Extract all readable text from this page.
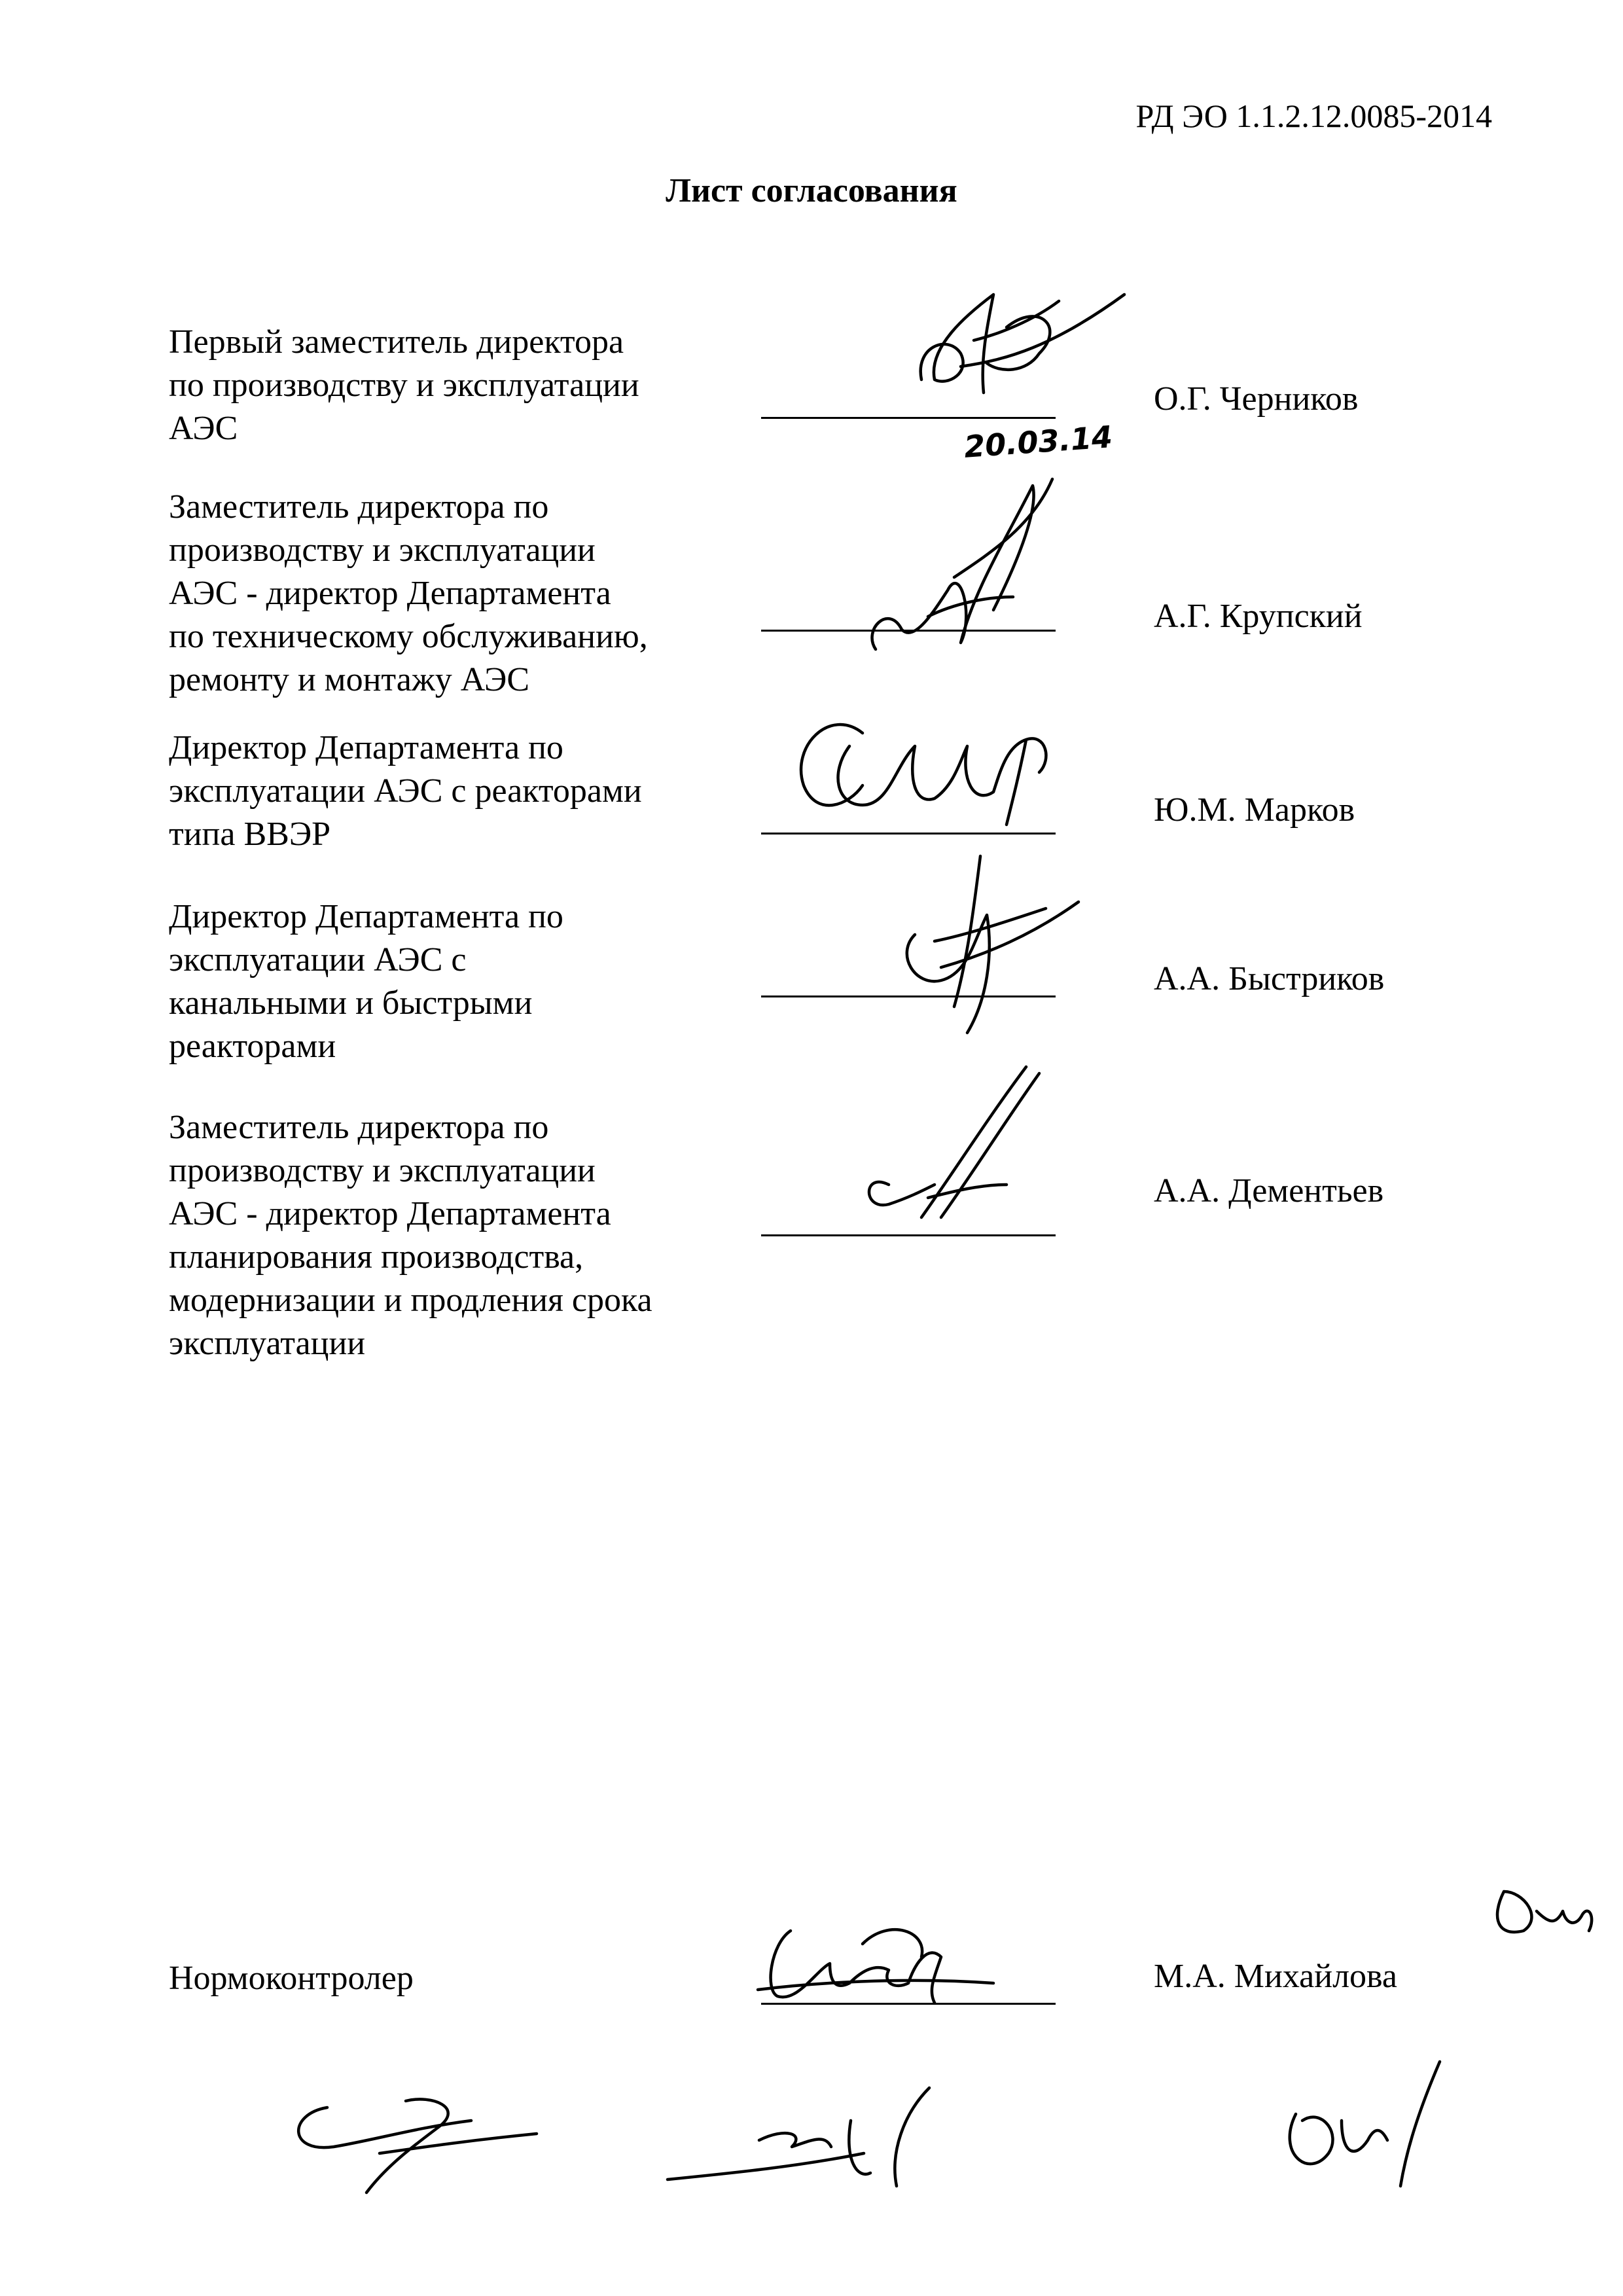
РД ЭО 1.1.2.12.0085-2014
Лист согласования
Первый заместитель директора
по производству и эксплуатации
АЭС	20.03.14
О.Г. Черников
Заместитель директора по
производству и эксплуатации
АЭС - директор Департамента
по техническому обслуживанию,
ремонту и монтажу АЭС
А.Г. Крупский
Директор Департамента по
эксплуатации АЭС с реакторами
типа ВВЭР
Ю.М. Марков
Директор Департамента по
эксплуатации АЭС с
канальными и быстрыми
реакторами
А.А. Быстриков
Заместитель директора по
производству и эксплуатации
АЭС - директор Департамента
планирования производства,
модернизации и продления срока
эксплуатации
А.А. Дементьев
Нормоконтролер	М.А. Михайлова
